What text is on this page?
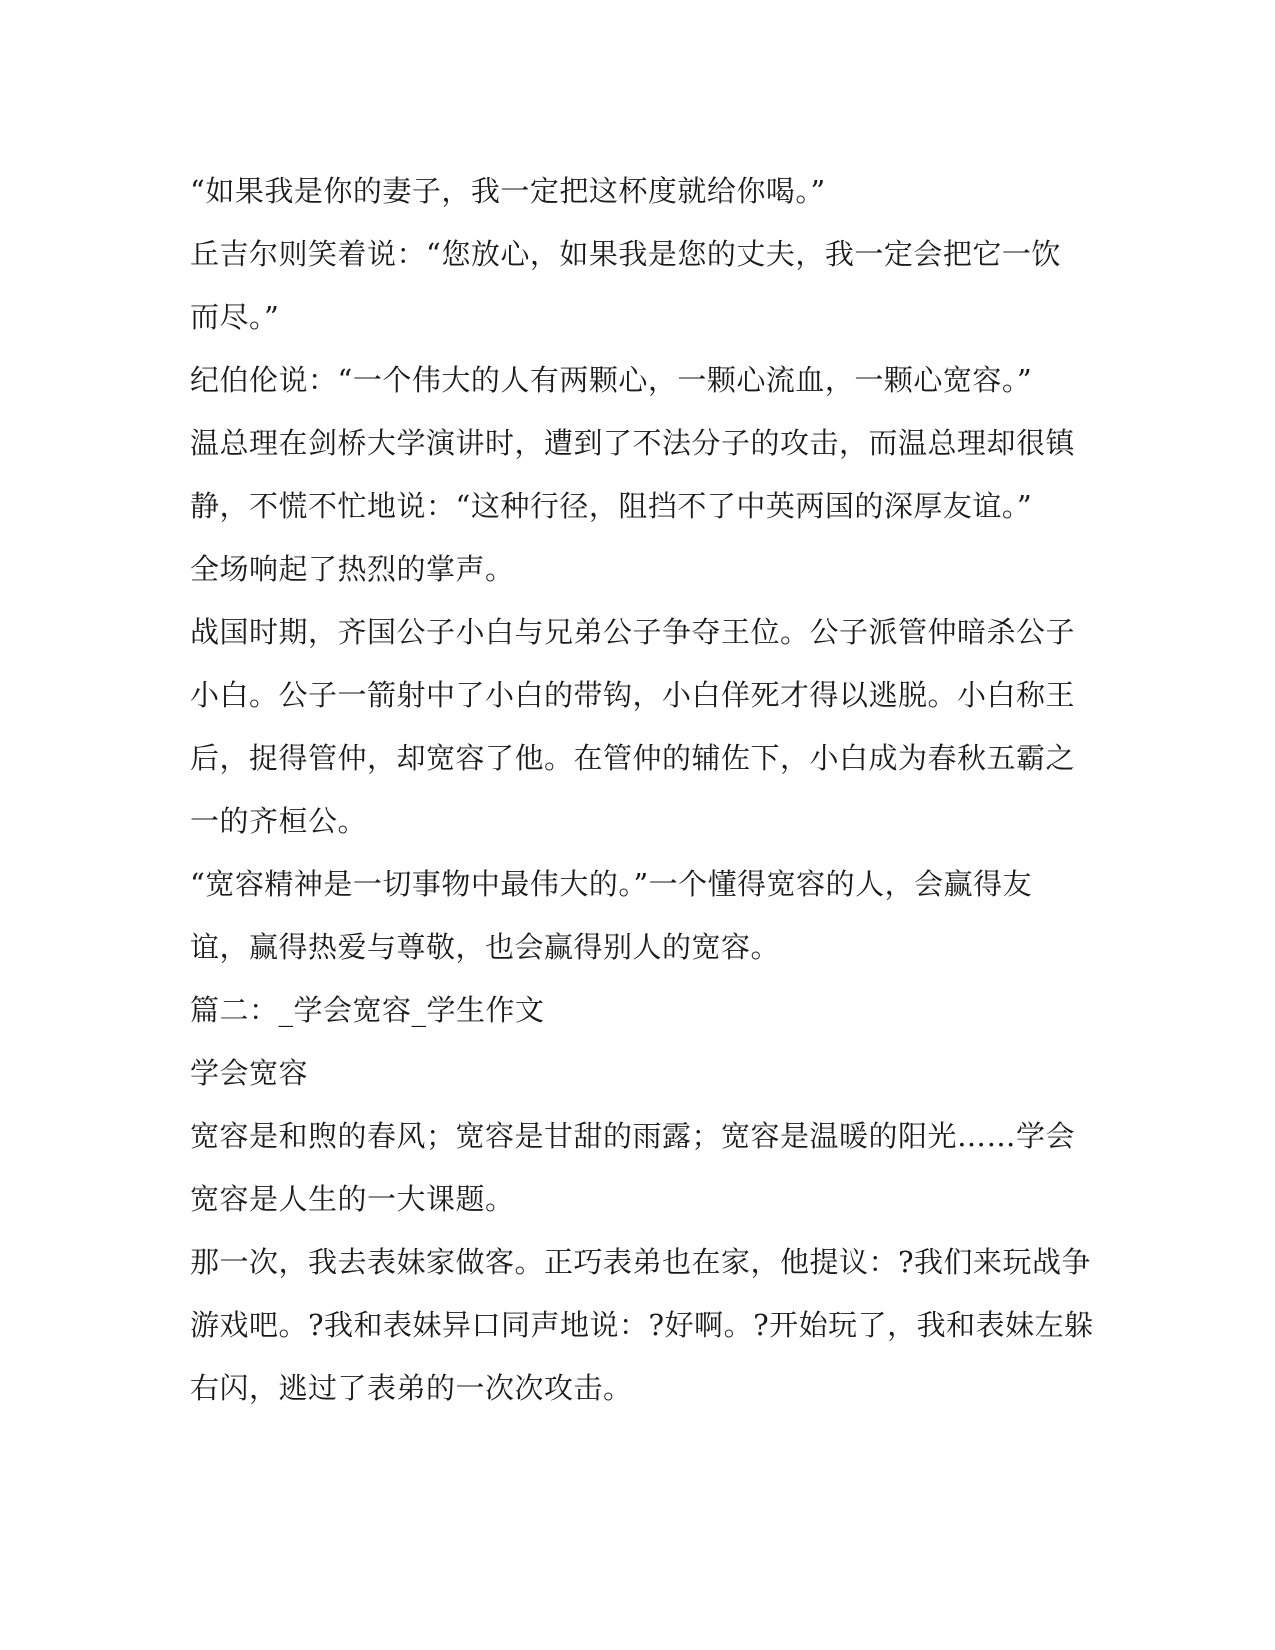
“如果我是你的妻子，我一定把这杯度就给你喝。”
丘吉尔则笑着说：“您放心，如果我是您的丈夫，我一定会把它一饮
而尽。”
纪伯伦说：“一个伟大的人有两颗心，一颗心流血，一颗心宽容。”
温总理在剑桥大学演讲时，遭到了不法分子的攻击，而温总理却很镇
静，不慌不忙地说：“这种行径，阻挡不了中英两国的深厚友谊。”
全场响起了热烈的掌声。
战国时期，齐国公子小白与兄弟公子争夺王位。公子派管仲暗杀公子
小白。公子一箭射中了小白的带钩，小白佯死才得以逃脱。小白称王
后，捉得管仲，却宽容了他。在管仲的辅佐下，小白成为春秋五霸之
一的齐桓公。
“宽容精神是一切事物中最伟大的。”一个懂得宽容的人，会赢得友
谊，赢得热爱与尊敬，也会赢得别人的宽容。
篇二：_学会宽容_学生作文
学会宽容
宽容是和煦的春风；宽容是甘甜的雨露；宽容是温暖的阳光……学会
宽容是人生的一大课题。
那一次，我去表妹家做客。正巧表弟也在家，他提议：?我们来玩战争
游戏吧。?我和表妹异口同声地说：?好啊。?开始玩了，我和表妹左躲
右闪，逃过了表弟的一次次攻击。
